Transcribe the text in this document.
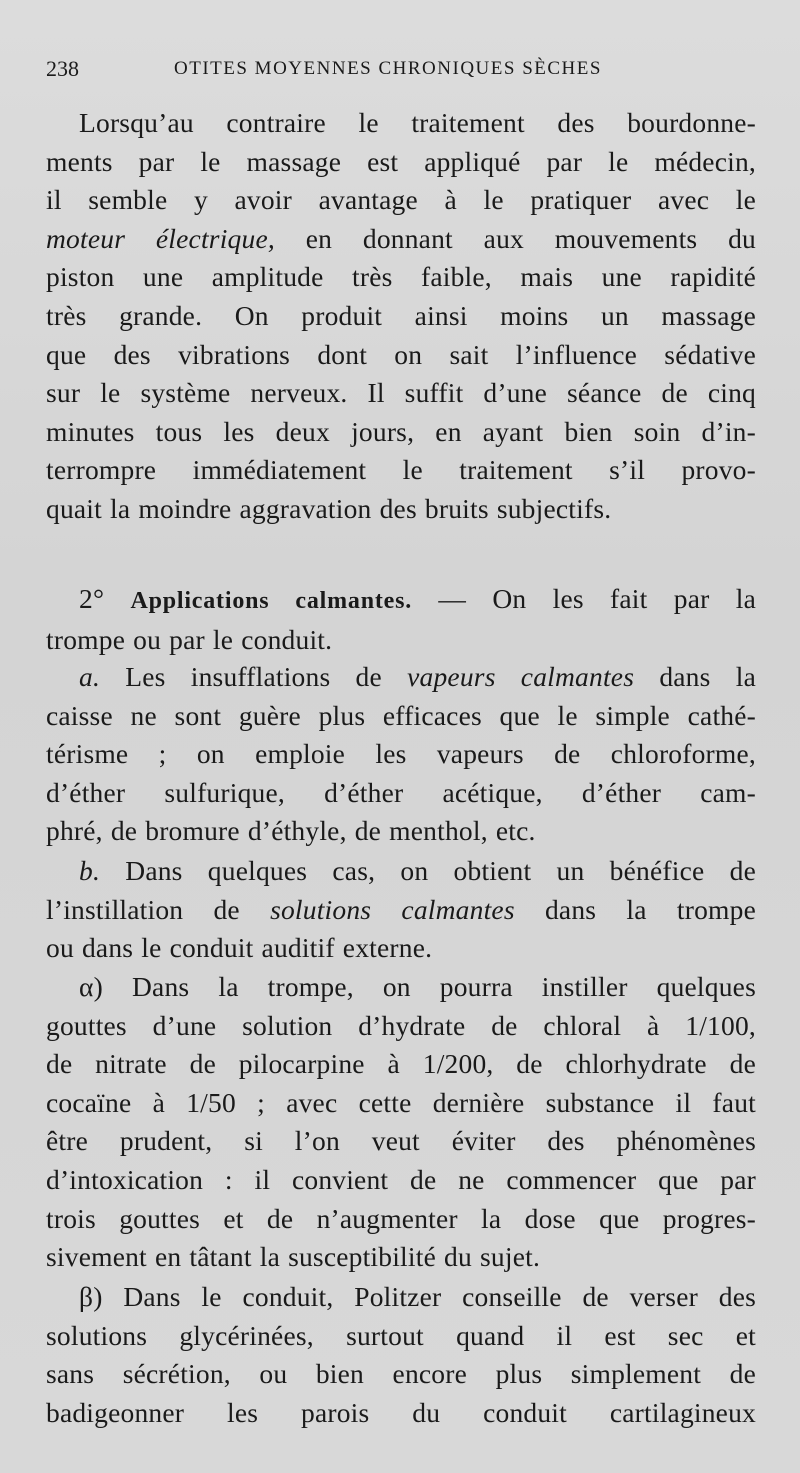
238	OTITES MOYENNES CHRONIQUES SÈCHES
Lorsqu’au contraire le traitement des bourdonne-
ments par le massage est appliqué par le médecin,
il semble y avoir avantage à le pratiquer avec le
moteur électrique, en donnant aux mouvements du
piston une amplitude très faible, mais une rapidité
très grande. On produit ainsi moins un massage
que des vibrations dont on sait l’influence sédative
sur le système nerveux. Il suffit d’une séance de cinq
minutes tous les deux jours, en ayant bien soin d’in-
terrompre immédiatement le traitement s’il provo-
quait la moindre aggravation des bruits subjectifs.
2° Applications calmantes. — On les fait par la
trompe ou par le conduit.
a. Les insufflations de vapeurs calmantes dans la
caisse ne sont guère plus efficaces que le simple cathé-
térisme ; on emploie les vapeurs de chloroforme,
d’éther sulfurique, d’éther acétique, d’éther cam-
phré, de bromure d’éthyle, de menthol, etc.
b. Dans quelques cas, on obtient un bénéfice de
l’instillation de solutions calmantes dans la trompe
ou dans le conduit auditif externe.
α) Dans la trompe, on pourra instiller quelques
gouttes d’une solution d’hydrate de chloral à 1/100,
de nitrate de pilocarpine à 1/200, de chlorhydrate de
cocaïne à 1/50 ; avec cette dernière substance il faut
être prudent, si l’on veut éviter des phénomènes
d’intoxication : il convient de ne commencer que par
trois gouttes et de n’augmenter la dose que progres-
sivement en tâtant la susceptibilité du sujet.
β) Dans le conduit, Politzer conseille de verser des
solutions glycérinées, surtout quand il est sec et
sans sécrétion, ou bien encore plus simplement de
badigeonner les parois du conduit cartilagineux
